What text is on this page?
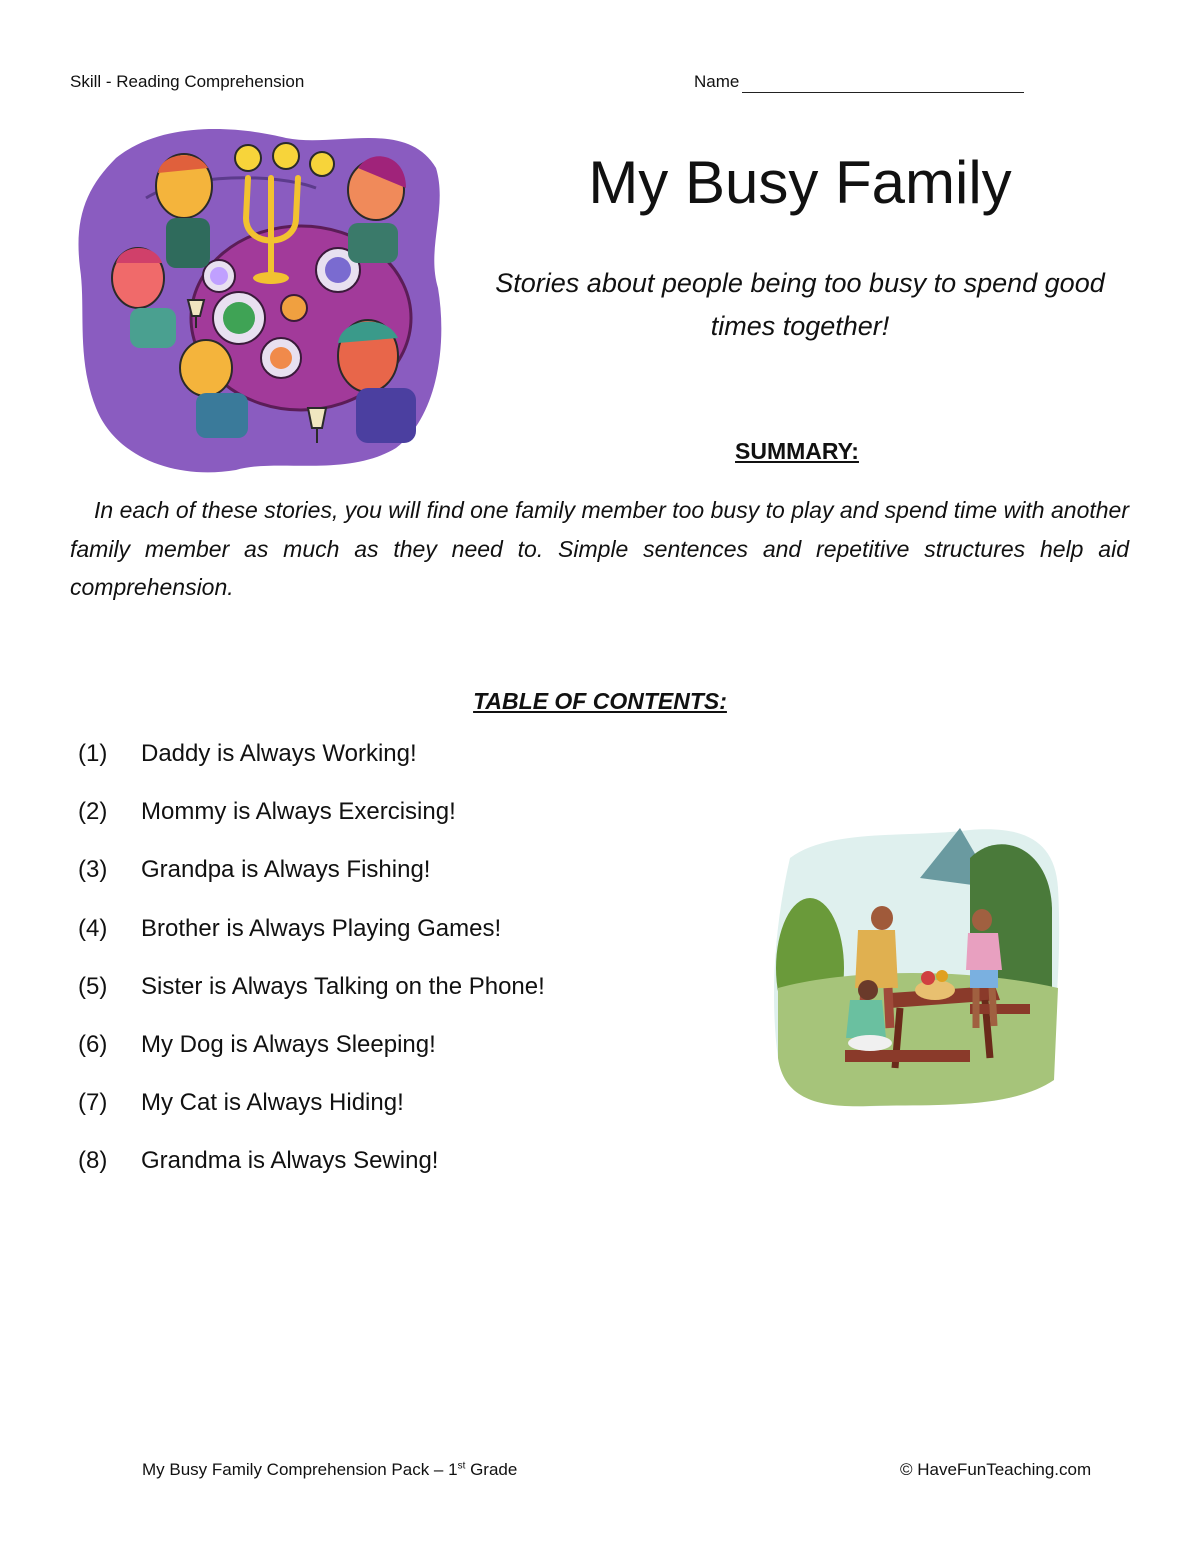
Skill - Reading Comprehension	Name
My Busy Family
Stories about people being too busy to spend good times together!
SUMMARY:
In each of these stories, you will find one family member too busy to play and spend time with another family member as much as they need to. Simple sentences and repetitive structures help aid comprehension.
TABLE OF CONTENTS:
(1)	Daddy is Always Working!
(2)	Mommy is Always Exercising!
(3)	Grandpa is Always Fishing!
(4)	Brother is Always Playing Games!
(5)	Sister is Always Talking on the Phone!
(6)	My Dog is Always Sleeping!
(7)	My Cat is Always Hiding!
(8)	Grandma is Always Sewing!
My Busy Family Comprehension Pack – 1st Grade	© HaveFunTeaching.com
